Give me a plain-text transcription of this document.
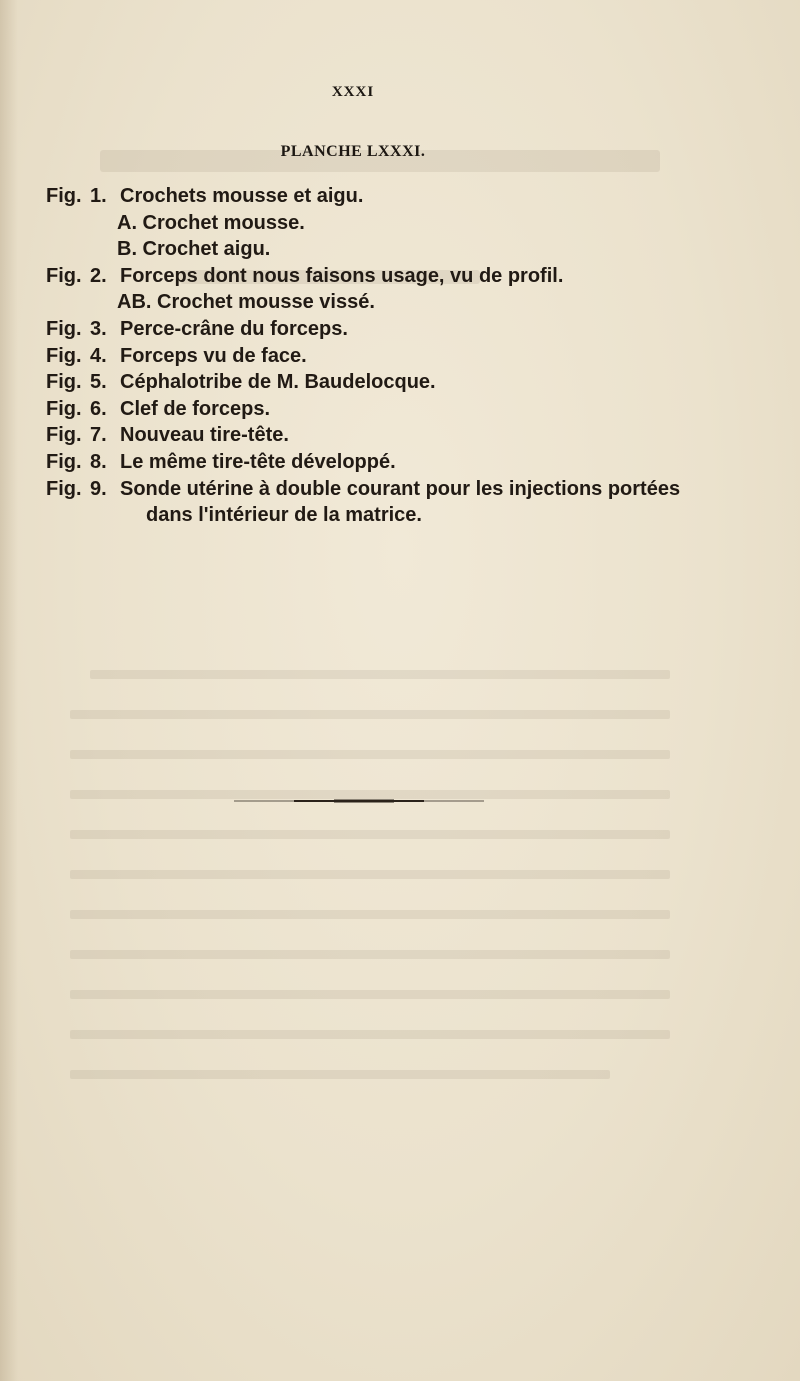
XXXI
PLANCHE LXXXI.
Fig. 1. Crochets mousse et aigu.
A. Crochet mousse.
B. Crochet aigu.
Fig. 2. Forceps dont nous faisons usage, vu de profil.
AB. Crochet mousse vissé.
Fig. 3. Perce-crâne du forceps.
Fig. 4. Forceps vu de face.
Fig. 5. Céphalotribe de M. Baudelocque.
Fig. 6. Clef de forceps.
Fig. 7. Nouveau tire-tête.
Fig. 8. Le même tire-tête développé.
Fig. 9. Sonde utérine à double courant pour les injections portées
dans l'intérieur de la matrice.
